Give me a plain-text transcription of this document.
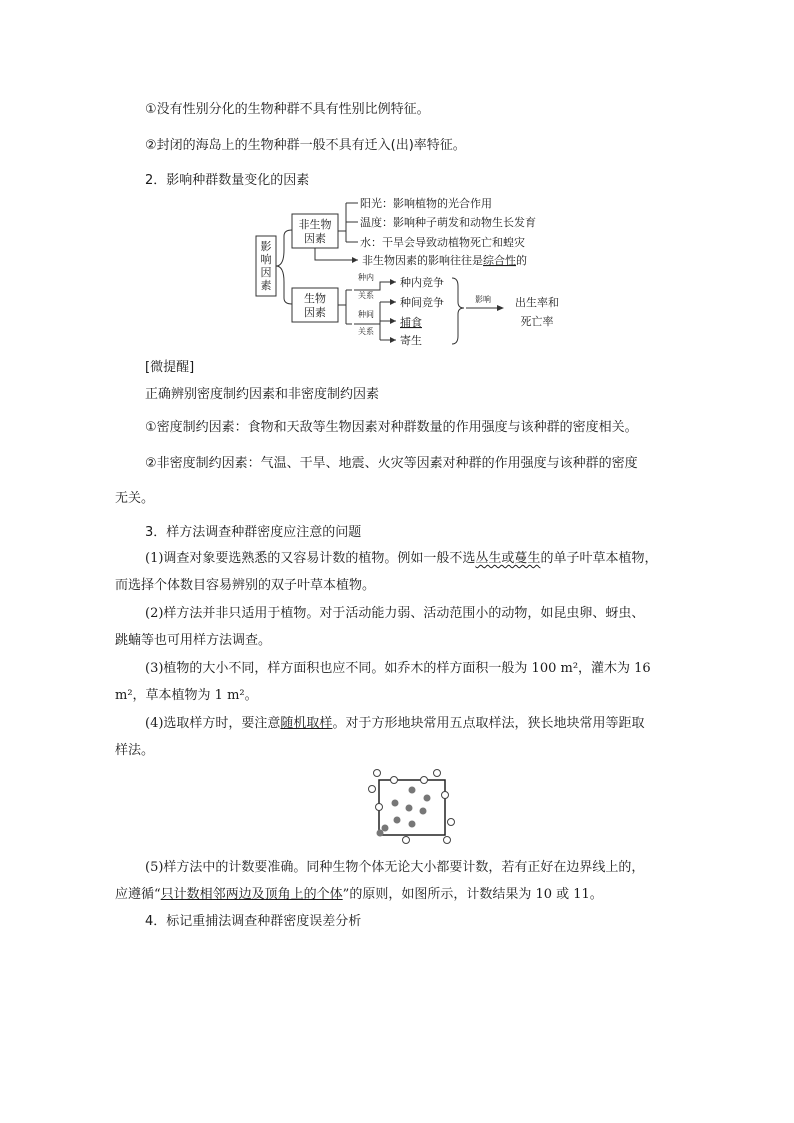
①没有性别分化的生物种群不具有性别比例特征。
②封闭的海岛上的生物种群一般不具有迁入(出)率特征。
2．影响种群数量变化的因素
影
响
因
素
非生物
因素
阳光：影响植物的光合作用
温度：影响种子萌发和动物生长发育
水：干旱会导致动植物死亡和蝗灾
非生物因素的影响往往是综合性的
生物
因素
种内
关系
种间
关系
种内竞争
种间竞争
捕食
寄生
影响 出生率和
死亡率
[微提醒]
正确辨别密度制约因素和非密度制约因素
①密度制约因素：食物和天敌等生物因素对种群数量的作用强度与该种群的密度相关。
②非密度制约因素：气温、干旱、地震、火灾等因素对种群的作用强度与该种群的密度
无关。
3．样方法调查种群密度应注意的问题
(1)调查对象要选熟悉的又容易计数的植物。例如一般不选丛生或蔓生的单子叶草本植物，
而选择个体数目容易辨别的双子叶草本植物。
(2)样方法并非只适用于植物。对于活动能力弱、活动范围小的动物，如昆虫卵、蚜虫、
跳蝻等也可用样方法调查。
(3)植物的大小不同，样方面积也应不同。如乔木的样方面积一般为 100 m²，灌木为 16
m²，草本植物为 1 m²。
(4)选取样方时，要注意随机取样。对于方形地块常用五点取样法，狭长地块常用等距取
样法。
(5)样方法中的计数要准确。同种生物个体无论大小都要计数，若有正好在边界线上的，
应遵循“只计数相邻两边及顶角上的个体”的原则，如图所示，计数结果为 10 或 11。
4．标记重捕法调查种群密度误差分析
